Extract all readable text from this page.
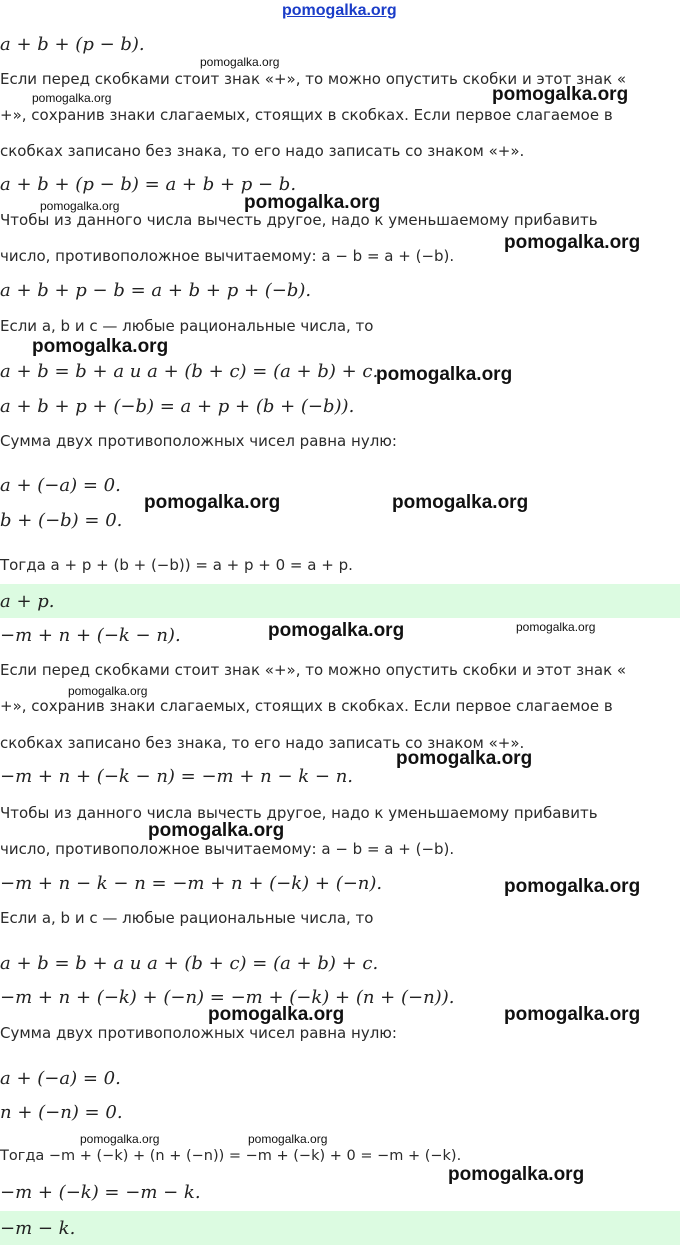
a + b + (p − b).
Если перед скобками стоит знак «+», то можно опустить скобки и этот знак «
+», сохранив знаки слагаемых, стоящих в скобках. Если первое слагаемое в
скобках записано без знака, то его надо записать со знаком «+».
a + b + (p − b) = a + b + p − b.
Чтобы из данного числа вычесть другое, надо к уменьшаемому прибавить
число, противоположное вычитаемому: a − b = a + (−b).
a + b + p − b = a + b + p + (−b).
Если a, b и c — любые рациональные числа, то
a + b = b + a и a + (b + c) = (a + b) + c.
a + b + p + (−b) = a + p + (b + (−b)).
Сумма двух противоположных чисел равна нулю:
a + (−a) = 0.
b + (−b) = 0.
Тогда a + p + (b + (−b)) = a + p + 0 = a + p.
a + p.
−m + n + (−k − n).
Если перед скобками стоит знак «+», то можно опустить скобки и этот знак «
+», сохранив знаки слагаемых, стоящих в скобках. Если первое слагаемое в
скобках записано без знака, то его надо записать со знаком «+».
−m + n + (−k − n) = −m + n − k − n.
Чтобы из данного числа вычесть другое, надо к уменьшаемому прибавить
число, противоположное вычитаемому: a − b = a + (−b).
−m + n − k − n = −m + n + (−k) + (−n).
Если a, b и c — любые рациональные числа, то
a + b = b + a и a + (b + c) = (a + b) + c.
−m + n + (−k) + (−n) = −m + (−k) + (n + (−n)).
Сумма двух противоположных чисел равна нулю:
a + (−a) = 0.
n + (−n) = 0.
Тогда −m + (−k) + (n + (−n)) = −m + (−k) + 0 = −m + (−k).
−m + (−k) = −m − k.
−m − k.
pomogalka.org
pomogalka.org
pomogalka.org	pomogalka.org
pomogalka.org	pomogalka.org
pomogalka.org
pomogalka.org
pomogalka.org
pomogalka.org	pomogalka.org
pomogalka.org	pomogalka.org
pomogalka.org
pomogalka.org
pomogalka.org
pomogalka.org
pomogalka.org	pomogalka.org
pomogalka.org	pomogalka.org
pomogalka.org
